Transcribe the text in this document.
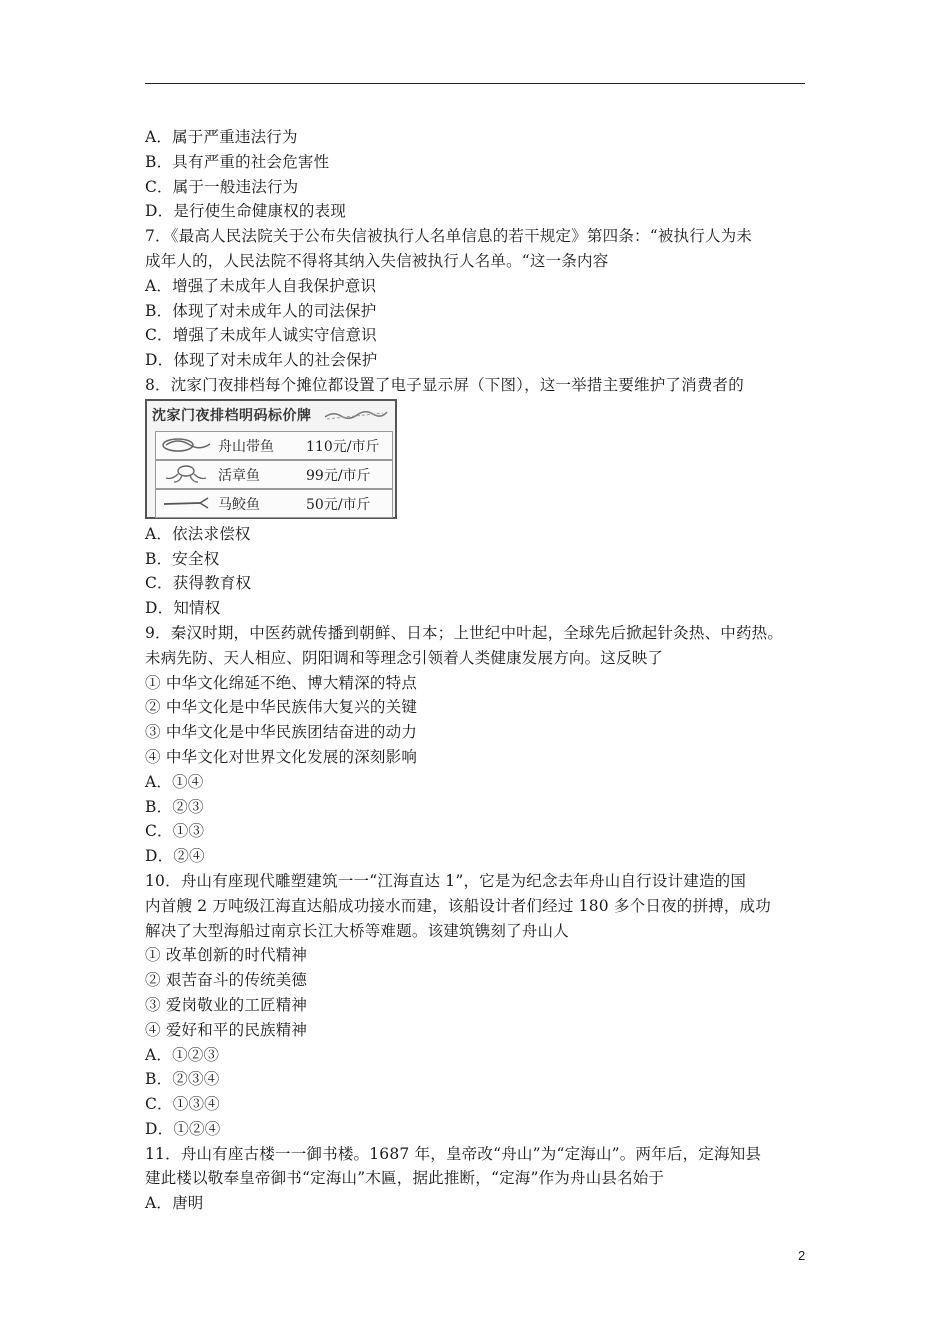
A．属于严重违法行为
B．具有严重的社会危害性
C．属于一般违法行为
D．是行使生命健康权的表现
7．《最高人民法院关于公布失信被执行人名单信息的若干规定》第四条：“被执行人为未
成年人的，人民法院不得将其纳入失信被执行人名单。“这一条内容
A．增强了未成年人自我保护意识
B．体现了对未成年人的司法保护
C．增强了未成年人诚实守信意识
D．体现了对未成年人的社会保护
8．沈家门夜排档每个摊位都设置了电子显示屏（下图），这一举措主要维护了消费者的
沈家门夜排档明码标价牌
舟山带鱼 110元/市斤
活章鱼	99元/市斤
马鲛鱼	50元/市斤
A．依法求偿权
B．安全权
C．获得教育权
D．知情权
9．秦汉时期，中医药就传播到朝鲜、日本；上世纪中叶起，全球先后掀起针灸热、中药热。
未病先防、天人相应、阴阳调和等理念引领着人类健康发展方向。这反映了
① 中华文化绵延不绝、博大精深的特点
② 中华文化是中华民族伟大复兴的关键
③ 中华文化是中华民族团结奋进的动力
④ 中华文化对世界文化发展的深刻影响
A．①④
B．②③
C．①③
D．②④
10．舟山有座现代雕塑建筑一一“江海直达 1”，它是为纪念去年舟山自行设计建造的国
内首艘 2 万吨级江海直达船成功接水而建，该船设计者们经过 180 多个日夜的拼搏，成功
解决了大型海船过南京长江大桥等难题。该建筑镌刻了舟山人
① 改革创新的时代精神
② 艰苦奋斗的传统美德
③ 爱岗敬业的工匠精神
④ 爱好和平的民族精神
A．①②③
B．②③④
C．①③④
D．①②④
11．舟山有座古楼一一御书楼。1687 年，皇帝改“舟山”为“定海山”。两年后，定海知县
建此楼以敬奉皇帝御书“定海山”木匾，据此推断，“定海”作为舟山县名始于
A．唐明
2
